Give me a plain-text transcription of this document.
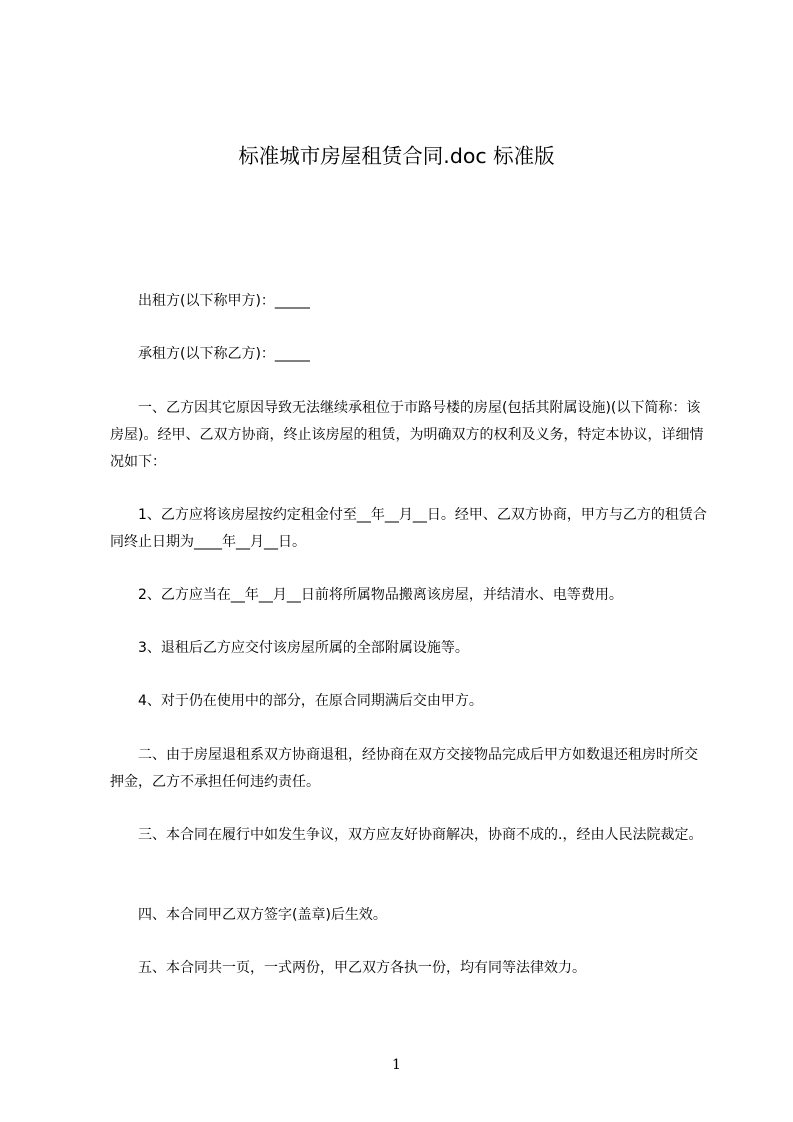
标准城市房屋租赁合同.doc 标准版
　　出租方(以下称甲方)：_____
　　承租方(以下称乙方)：_____
　　一、乙方因其它原因导致无法继续承租位于市路号楼的房屋(包括其附属设施)(以下简称：该房屋)。经甲、乙双方协商，终止该房屋的租赁，为明确双方的权利及义务，特定本协议，详细情况如下：
　　1、乙方应将该房屋按约定租金付至__年__月__日。经甲、乙双方协商，甲方与乙方的租赁合同终止日期为____年__月__日。
　　2、乙方应当在__年__月__日前将所属物品搬离该房屋，并结清水、电等费用。
　　3、退租后乙方应交付该房屋所属的全部附属设施等。
　　4、对于仍在使用中的部分，在原合同期满后交由甲方。
　　二、由于房屋退租系双方协商退租，经协商在双方交接物品完成后甲方如数退还租房时所交押金，乙方不承担任何违约责任。
　　三、本合同在履行中如发生争议，双方应友好协商解决，协商不成的.，经由人民法院裁定。
　　四、本合同甲乙双方签字(盖章)后生效。
　　五、本合同共一页，一式两份，甲乙双方各执一份，均有同等法律效力。
1
